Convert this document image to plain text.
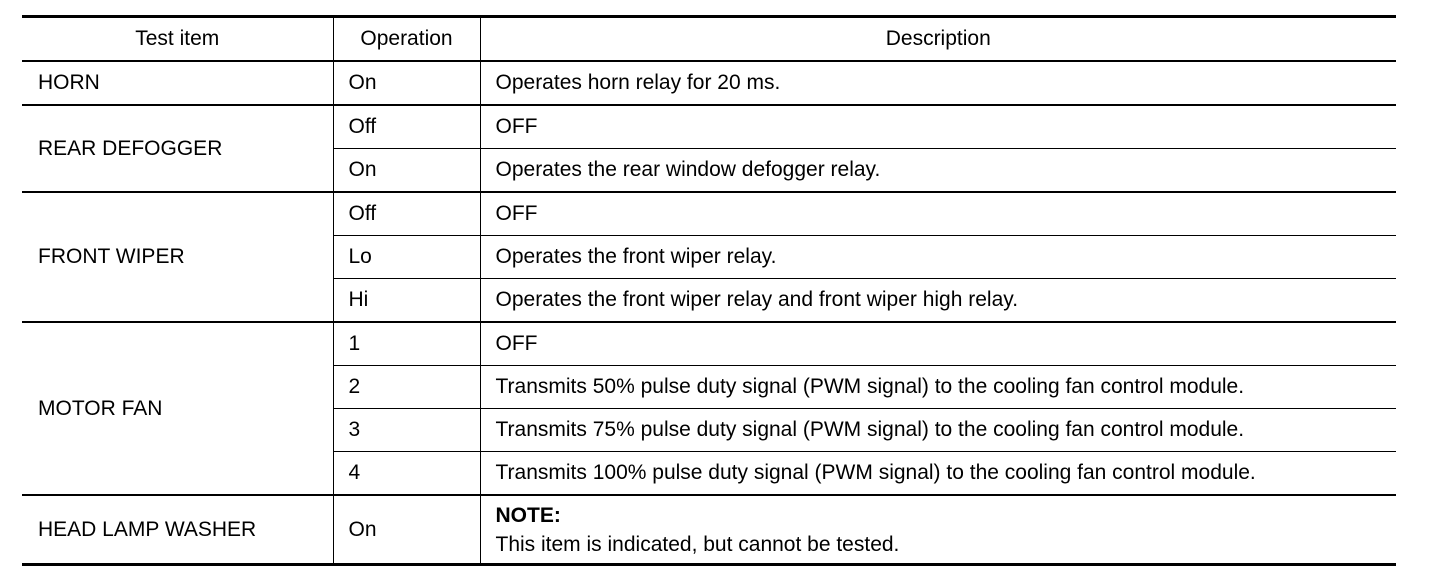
Test item	Operation	Description
HORN	On	Operates horn relay for 20 ms.
REAR DEFOGGER	Off	OFF
	On	Operates the rear window defogger relay.
FRONT WIPER	Off	OFF
	Lo	Operates the front wiper relay.
	Hi	Operates the front wiper relay and front wiper high relay.
MOTOR FAN	1	OFF
	2	Transmits 50% pulse duty signal (PWM signal) to the cooling fan control module.
	3	Transmits 75% pulse duty signal (PWM signal) to the cooling fan control module.
	4	Transmits 100% pulse duty signal (PWM signal) to the cooling fan control module.
HEAD LAMP WASHER	On	NOTE:
This item is indicated, but cannot be tested.
